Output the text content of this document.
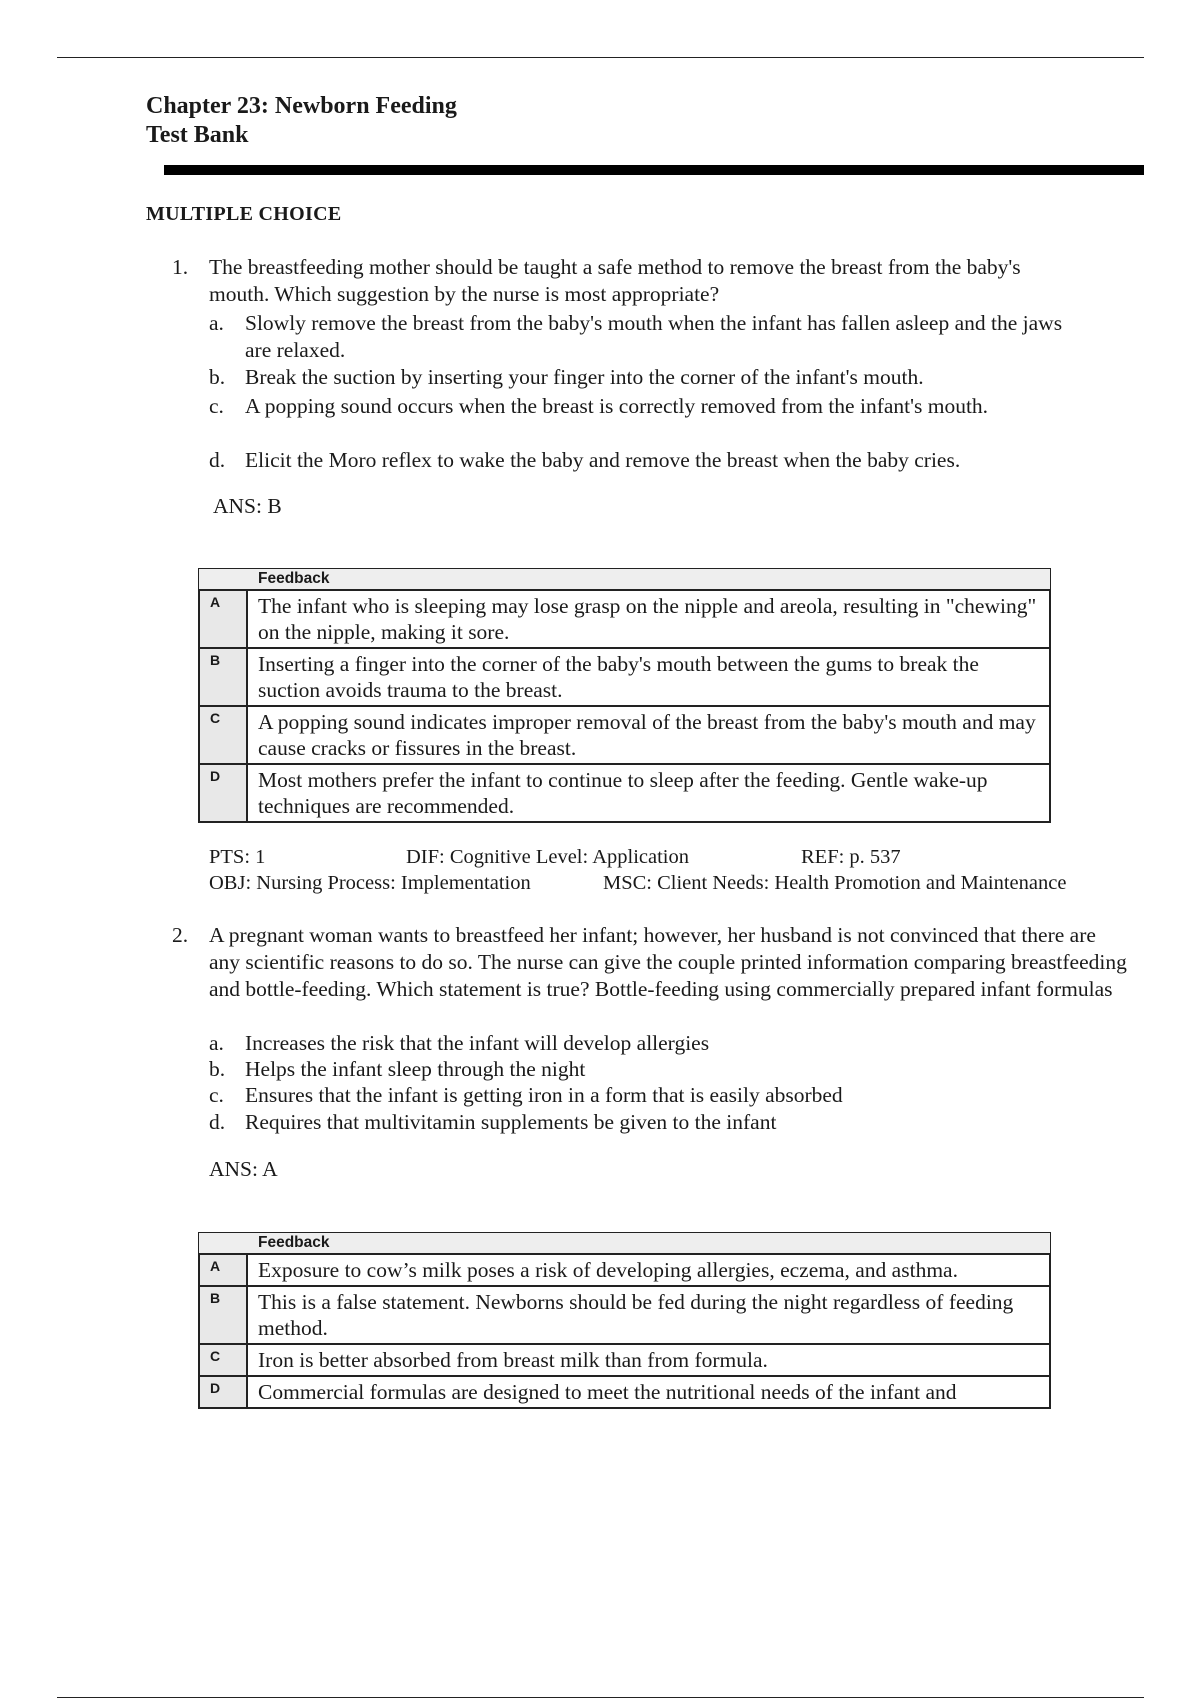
Chapter 23: Newborn Feeding
Test Bank
MULTIPLE CHOICE
1. The breastfeeding mother should be taught a safe method to remove the breast from the baby's mouth. Which suggestion by the nurse is most appropriate?
a. Slowly remove the breast from the baby's mouth when the infant has fallen asleep and the jaws are relaxed.
b. Break the suction by inserting your finger into the corner of the infant's mouth.
c. A popping sound occurs when the breast is correctly removed from the infant's mouth.
d. Elicit the Moro reflex to wake the baby and remove the breast when the baby cries.
ANS: B
Feedback
A	The infant who is sleeping may lose grasp on the nipple and areola, resulting in "chewing" on the nipple, making it sore.
B	Inserting a finger into the corner of the baby's mouth between the gums to break the suction avoids trauma to the breast.
C	A popping sound indicates improper removal of the breast from the baby's mouth and may cause cracks or fissures in the breast.
D	Most mothers prefer the infant to continue to sleep after the feeding. Gentle wake-up techniques are recommended.
PTS: 1	DIF: Cognitive Level: Application	REF: p. 537
OBJ: Nursing Process: Implementation	MSC: Client Needs: Health Promotion and Maintenance
2. A pregnant woman wants to breastfeed her infant; however, her husband is not convinced that there are any scientific reasons to do so. The nurse can give the couple printed information comparing breastfeeding and bottle-feeding. Which statement is true? Bottle-feeding using commercially prepared infant formulas
a. Increases the risk that the infant will develop allergies
b. Helps the infant sleep through the night
c. Ensures that the infant is getting iron in a form that is easily absorbed
d. Requires that multivitamin supplements be given to the infant
ANS: A
Feedback
A	Exposure to cow’s milk poses a risk of developing allergies, eczema, and asthma.
B	This is a false statement. Newborns should be fed during the night regardless of feeding method.
C	Iron is better absorbed from breast milk than from formula.
D	Commercial formulas are designed to meet the nutritional needs of the infant and
